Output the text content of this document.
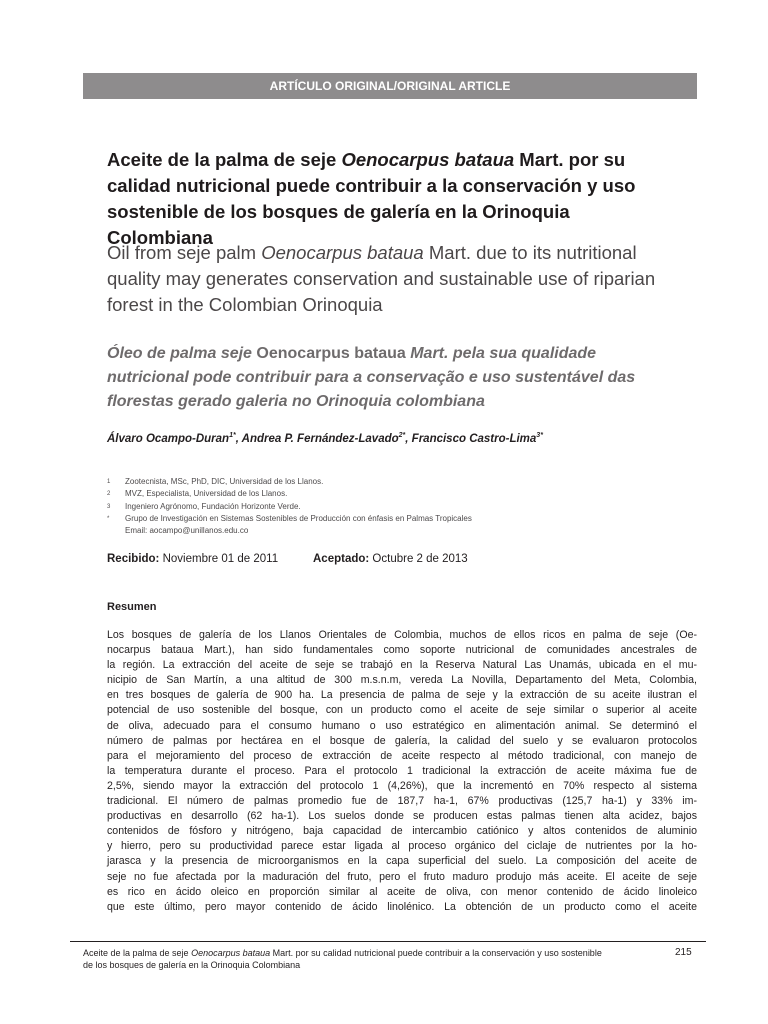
ARTÍCULO ORIGINAL/ORIGINAL ARTICLE
Aceite de la palma de seje Oenocarpus bataua Mart. por su
calidad nutricional puede contribuir a la conservación y uso
sostenible de los bosques de galería en la Orinoquia Colombiana
Oil from seje palm Oenocarpus bataua Mart. due to its nutritional
quality may generates conservation and sustainable use of riparian
forest in the Colombian Orinoquia
Óleo de palma seje Oenocarpus bataua Mart. pela sua qualidade
nutricional pode contribuir para a conservação e uso sustentável das
florestas gerado galeria no Orinoquia colombiana
Álvaro Ocampo-Duran$^{1*}$, Andrea P. Fernández-Lavado$^{2*}$, Francisco Castro-Lima$^{3*}$
1	Zootecnista, MSc, PhD, DIC, Universidad de los Llanos.
2	MVZ, Especialista, Universidad de los Llanos.
3	Ingeniero Agrónomo, Fundación Horizonte Verde.
*	Grupo de Investigación en Sistemas Sostenibles de Producción con énfasis en Palmas Tropicales
Email: aocampo@unillanos.edu.co
Recibido: Noviembre 01 de 2011	Aceptado: Octubre 2 de 2013
Resumen

Los bosques de galería de los Llanos Orientales de Colombia, muchos de ellos ricos en palma de seje (Oe-
nocarpus bataua Mart.), han sido fundamentales como soporte nutricional de comunidades ancestrales de
la región. La extracción del aceite de seje se trabajó en la Reserva Natural Las Unamás, ubicada en el mu-
nicipio de San Martín, a una altitud de 300 m.s.n.m, vereda La Novilla, Departamento del Meta, Colombia,
en tres bosques de galería de 900 ha. La presencia de palma de seje y la extracción de su aceite ilustran el
potencial de uso sostenible del bosque, con un producto como el aceite de seje similar o superior al aceite
de oliva, adecuado para el consumo humano o uso estratégico en alimentación animal. Se determinó el
número de palmas por hectárea en el bosque de galería, la calidad del suelo y se evaluaron protocolos
para el mejoramiento del proceso de extracción de aceite respecto al método tradicional, con manejo de
la temperatura durante el proceso. Para el protocolo 1 tradicional la extracción de aceite máxima fue de
2,5%, siendo mayor la extracción del protocolo 1 (4,26%), que la incrementó en 70% respecto al sistema
tradicional. El número de palmas promedio fue de 187,7 ha-1, 67% productivas (125,7 ha-1) y 33% im-
productivas en desarrollo (62 ha-1). Los suelos donde se producen estas palmas tienen alta acidez, bajos
contenidos de fósforo y nitrógeno, baja capacidad de intercambio catiónico y altos contenidos de aluminio
y hierro, pero su productividad parece estar ligada al proceso orgánico del ciclaje de nutrientes por la ho-
jarasca y la presencia de microorganismos en la capa superficial del suelo. La composición del aceite de
seje no fue afectada por la maduración del fruto, pero el fruto maduro produjo más aceite. El aceite de seje
es rico en ácido oleico en proporción similar al aceite de oliva, con menor contenido de ácido linoleico
que este último, pero mayor contenido de ácido linolénico. La obtención de un producto como el aceite

Aceite de la palma de seje Oenocarpus bataua Mart. por su calidad nutricional puede contribuir a la conservación y uso sostenible
de los bosques de galería en la Orinoquia Colombiana
215
